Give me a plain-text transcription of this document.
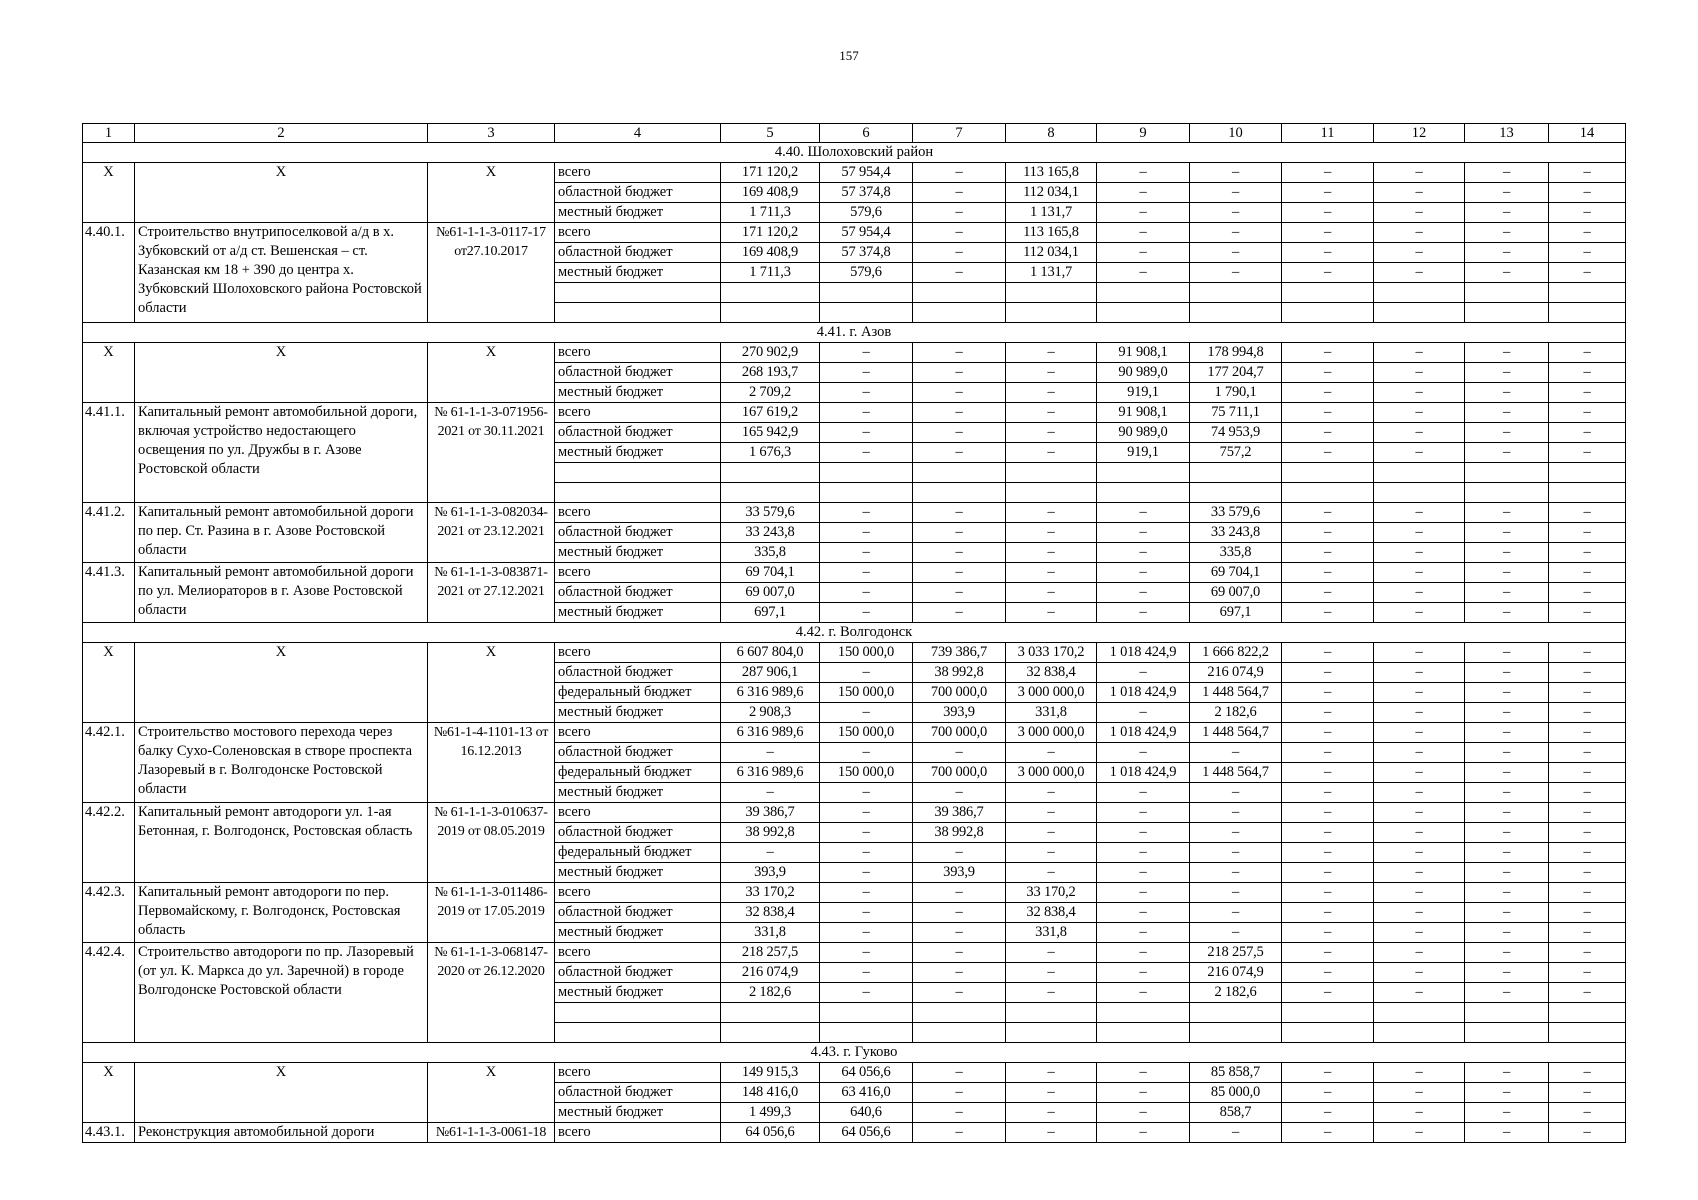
157
1	2	3	4	5	6	7	8	9	10	11	12	13	14
4.40. Шолоховский район													
X	X	X	всего	171 120,2	57 954,4	–	113 165,8	–	–	–	–	–	–
			областной бюджет	169 408,9	57 374,8	–	112 034,1	–	–	–	–	–	–
			местный бюджет	1 711,3	579,6	–	1 131,7	–	–	–	–	–	–
4.40.1.	Строительство внутрипоселковой а/д в х. Зубковский от а/д ст. Вешенская – ст. Казанская км 18 + 390 до центра х. Зубковский Шолоховского района Ростовской области	№61-1-1-3-0117-17 от27.10.2017	всего	171 120,2	57 954,4	–	113 165,8	–	–	–	–	–	–
			областной бюджет	169 408,9	57 374,8	–	112 034,1	–	–	–	–	–	–
			местный бюджет	1 711,3	579,6	–	1 131,7	–	–	–	–	–	–

4.41. г. Азов													
X	X	X	всего	270 902,9	–	–	–	91 908,1	178 994,8	–	–	–	–
			областной бюджет	268 193,7	–	–	–	90 989,0	177 204,7	–	–	–	–
			местный бюджет	2 709,2	–	–	–	919,1	1 790,1	–	–	–	–
4.41.1.	Капитальный ремонт автомобильной дороги, включая устройство недостающего освещения по ул. Дружбы в г. Азове Ростовской области	№ 61-1-1-3-071956-2021 от 30.11.2021	всего	167 619,2	–	–	–	91 908,1	75 711,1	–	–	–	–
			областной бюджет	165 942,9	–	–	–	90 989,0	74 953,9	–	–	–	–
			местный бюджет	1 676,3	–	–	–	919,1	757,2	–	–	–	–

4.41.2.	Капитальный ремонт автомобильной дороги по пер. Ст. Разина в г. Азове Ростовской области	№ 61-1-1-3-082034-2021 от 23.12.2021	всего	33 579,6	–	–	–	–	33 579,6	–	–	–	–
			областной бюджет	33 243,8	–	–	–	–	33 243,8	–	–	–	–
			местный бюджет	335,8	–	–	–	–	335,8	–	–	–	–
4.41.3.	Капитальный ремонт автомобильной дороги по ул. Мелиораторов в г. Азове Ростовской области	№ 61-1-1-3-083871-2021 от 27.12.2021	всего	69 704,1	–	–	–	–	69 704,1	–	–	–	–
			областной бюджет	69 007,0	–	–	–	–	69 007,0	–	–	–	–
			местный бюджет	697,1	–	–	–	–	697,1	–	–	–	–
4.42. г. Волгодонск													
X	X	X	всего	6 607 804,0	150 000,0	739 386,7	3 033 170,2	1 018 424,9	1 666 822,2	–	–	–	–
			областной бюджет	287 906,1	–	38 992,8	32 838,4	–	216 074,9	–	–	–	–
			федеральный бюджет	6 316 989,6	150 000,0	700 000,0	3 000 000,0	1 018 424,9	1 448 564,7	–	–	–	–
			местный бюджет	2 908,3	–	393,9	331,8	–	2 182,6	–	–	–	–
4.42.1.	Строительство мостового перехода через балку Сухо-Соленовская в створе проспекта Лазоревый в г. Волгодонске Ростовской области	№61-1-4-1101-13 от 16.12.2013	всего	6 316 989,6	150 000,0	700 000,0	3 000 000,0	1 018 424,9	1 448 564,7	–	–	–	–
			областной бюджет	–	–	–	–	–	–	–	–	–	–
			федеральный бюджет	6 316 989,6	150 000,0	700 000,0	3 000 000,0	1 018 424,9	1 448 564,7	–	–	–	–
			местный бюджет	–	–	–	–	–	–	–	–	–	–
4.42.2.	Капитальный ремонт автодороги ул. 1-ая Бетонная, г. Волгодонск, Ростовская область	№ 61-1-1-3-010637-2019 от 08.05.2019	всего	39 386,7	–	39 386,7	–	–	–	–	–	–	–
			областной бюджет	38 992,8	–	38 992,8	–	–	–	–	–	–	–
			федеральный бюджет	–	–	–	–	–	–	–	–	–	–
			местный бюджет	393,9	–	393,9	–	–	–	–	–	–	–
4.42.3.	Капитальный ремонт автодороги по пер. Первомайскому, г. Волгодонск, Ростовская область	№ 61-1-1-3-011486-2019 от 17.05.2019	всего	33 170,2	–	–	33 170,2	–	–	–	–	–	–
			областной бюджет	32 838,4	–	–	32 838,4	–	–	–	–	–	–
			местный бюджет	331,8	–	–	331,8	–	–	–	–	–	–
4.42.4.	Строительство автодороги по пр. Лазоревый (от ул. К. Маркса до ул. Заречной) в городе Волгодонске Ростовской области	№ 61-1-1-3-068147-2020 от 26.12.2020	всего	218 257,5	–	–	–	–	218 257,5	–	–	–	–
			областной бюджет	216 074,9	–	–	–	–	216 074,9	–	–	–	–
			местный бюджет	2 182,6	–	–	–	–	2 182,6	–	–	–	–

4.43. г. Гуково													
X	X	X	всего	149 915,3	64 056,6	–	–	–	85 858,7	–	–	–	–
			областной бюджет	148 416,0	63 416,0	–	–	–	85 000,0	–	–	–	–
			местный бюджет	1 499,3	640,6	–	–	–	858,7	–	–	–	–
4.43.1.	Реконструкция автомобильной дороги	№61-1-1-3-0061-18	всего	64 056,6	64 056,6	–	–	–	–	–	–	–	–
